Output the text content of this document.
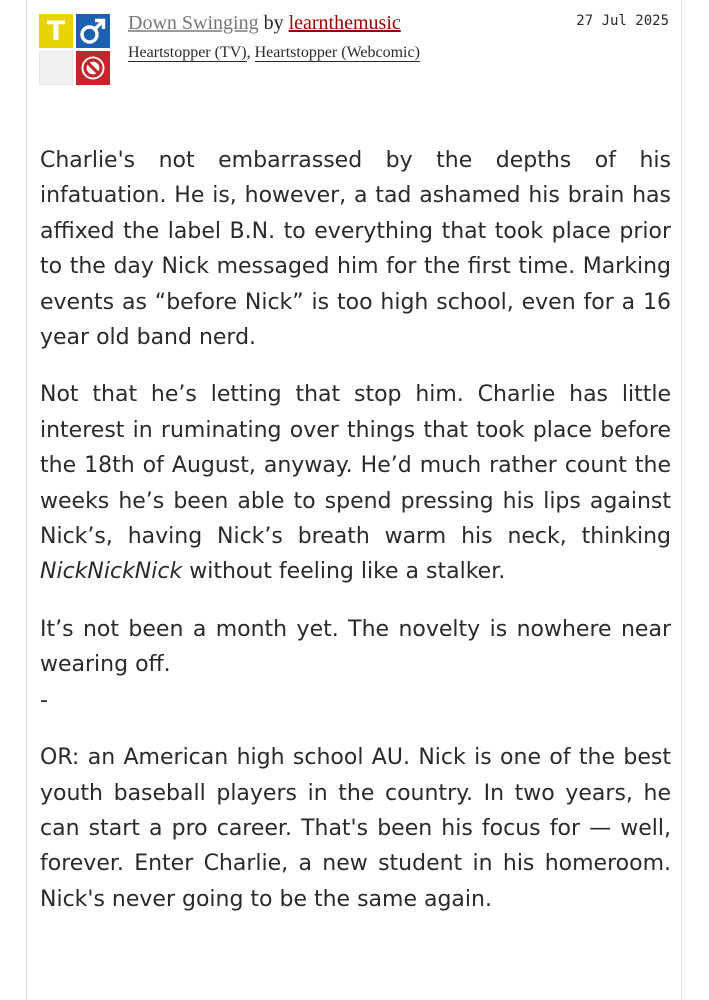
T	Down Swinging by learnthemusic
Heartstopper (TV), Heartstopper (Webcomic)
27 Jul 2025

Charlie's not embarrassed by the depths of his infatuation. He is, however, a tad ashamed his brain has affixed the label B.N. to everything that took place prior to the day Nick messaged him for the first time. Marking events as “before Nick” is too high school, even for a 16 year old band nerd.

Not that he’s letting that stop him. Charlie has little interest in ruminating over things that took place before the 18th of August, anyway. He’d much rather count the weeks he’s been able to spend pressing his lips against Nick’s, having Nick’s breath warm his neck, thinking NickNickNick without feeling like a stalker.

It’s not been a month yet. The novelty is nowhere near wearing off.

-

OR: an American high school AU. Nick is one of the best youth baseball players in the country. In two years, he can start a pro career. That's been his focus for — well, forever. Enter Charlie, a new student in his homeroom. Nick's never going to be the same again.
